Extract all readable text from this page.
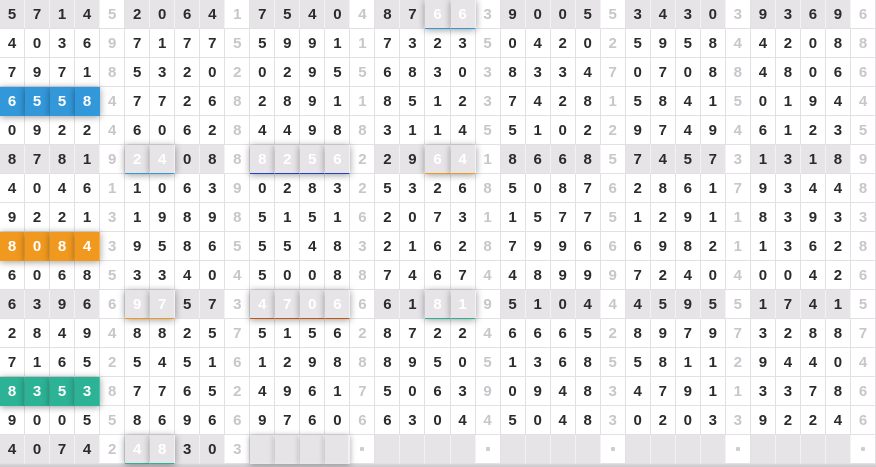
5	7	1	4	5	2	0	6	4	1	7	5	4	0	4	8	7	6	6	3	9	0	0	5	5	3	4	3	0	3	9	3	6	9	6
4	0	3	6	9	7	1	7	7	5	5	9	9	1	1	7	3	2	3	5	0	4	2	0	2	5	9	5	8	4	4	2	0	8	8
7	9	7	1	8	5	3	2	0	2	0	2	9	5	5	6	8	3	0	3	8	3	3	4	7	0	7	0	8	8	4	8	0	6	6
6	5	5	8	4	7	7	2	6	8	2	8	9	1	1	8	5	1	2	3	7	4	2	8	1	5	8	4	1	5	0	1	9	4	4
0	9	2	2	4	6	0	6	2	8	4	4	9	8	8	3	1	1	4	5	5	1	0	2	2	9	7	4	9	4	6	1	2	3	5
8	7	8	1	9	2	4	0	8	8	8	2	5	6	2	2	9	6	4	1	8	6	6	8	5	7	4	5	7	3	1	3	1	8	9
4	0	4	6	1	1	0	6	3	9	0	2	8	3	2	5	3	2	6	8	5	0	8	7	6	2	8	6	1	7	9	3	4	4	8
9	2	2	1	3	1	9	8	9	8	5	1	5	1	6	2	0	7	3	1	1	5	7	7	5	1	2	9	1	1	8	3	9	3	3
8	0	8	4	3	9	5	8	6	5	5	5	4	8	3	2	1	6	2	8	7	9	9	6	6	6	9	8	2	1	1	3	6	2	8
6	0	6	8	5	3	3	4	0	4	5	0	0	8	8	7	4	6	7	4	4	8	9	9	9	7	2	4	0	4	0	0	4	2	6
6	3	9	6	6	9	7	5	7	3	4	7	0	6	6	6	1	8	1	9	5	1	0	4	4	4	5	9	5	5	1	7	4	1	5
2	8	4	9	4	8	8	2	5	7	5	1	5	6	2	8	7	2	2	4	6	6	6	5	2	8	9	7	9	7	3	2	8	8	7
7	1	6	5	2	5	4	5	1	6	1	2	9	8	8	8	9	5	0	5	1	3	6	8	5	5	8	1	1	2	9	4	4	0	4
8	3	5	3	8	7	7	6	5	2	4	9	6	1	7	5	0	6	3	9	0	9	4	8	3	4	7	9	1	1	3	3	7	8	6
9	0	0	5	5	8	6	9	6	6	9	7	6	0	6	6	3	0	4	4	5	0	4	8	3	0	2	0	3	3	9	2	2	4	6
4	0	7	4	2	4	8	3	0	3
